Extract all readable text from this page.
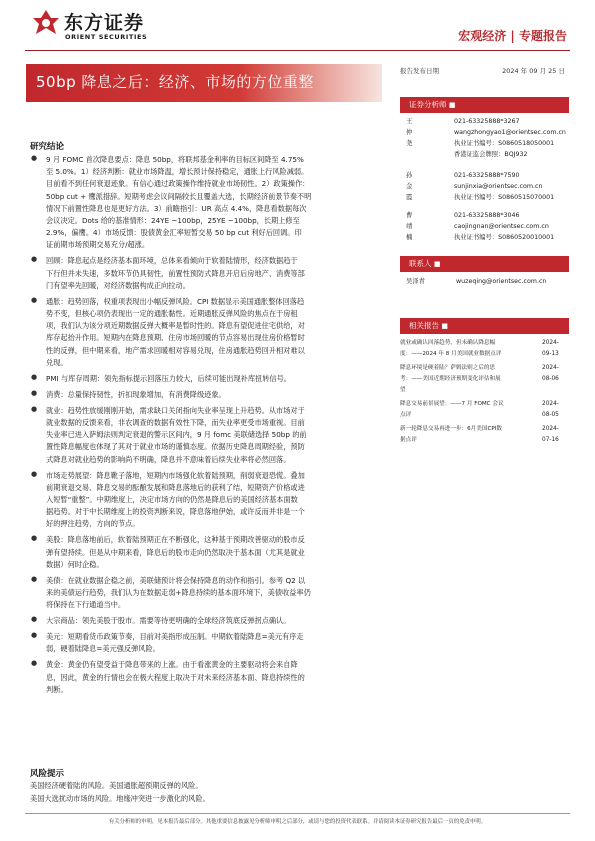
东方证券
ORIENT SECURITIES	宏观经济 | 专题报告
50bp 降息之后：经济、市场的方位重整
报告发布日期	2024 年 09 月 25 日
证券分析师 ■
王仲尧
021-63325888*3267
wangzhongyao1@orientsec.com.cn
执业证书编号：S0860518050001
香港证监会牌照：BQJ932
孙金霞
021-63325888*7590
sunjinxia@orientsec.com.cn
执业证书编号：S0860515070001
曹靖楠
021-63325888*3046
caojingnan@orientsec.com.cn
执业证书编号：S0860520010001
联系人 ■
吴泽青	wuzeqing@orientsec.com.cn
相关报告 ■
就业或确认回落趋势，但未确认降息幅
度：——2024 年 8 月美国就业数据点评
2024-09-13
降息环境是硬着陆？萨姆法则之后的思
考：——美国近期经济预期变化评估和展
望
2024-08-06
降息交易前景展望：——7 月 FOMC 会议
点评
2024-08-05
新一轮降息交易再进一步：6月美国CPI数
据点评
2024-07-16
研究结论
● 9 月 FOMC 首次降息要点：降息 50bp，将联邦基金利率的目标区间降至 4.75%
至 5.0%。1）经济判断：就业市场降温，增长预计保持稳定，通胀上行风险减弱。
目前看不到任何衰退迹象。有信心通过政策操作维持就业市场韧性。2）政策操作：
50bp cut + 鹰派措辞。短期考虑会议间隔较长且覆盖大选，长期经济前景节奏不明
情况下前置性降息也是更好方法。3）前瞻指引：UR 高点 4.4%，降息看数据每次
会议决定。Dots 给的基准情形：24YE ~100bp，25YE ~100bp，长期上修至
2.9%，偏鹰。4）市场反馈：股债黄金汇率短暂交易 50 bp cut 利好后回调。印
证前期市场预期交易充分/超涨。
● 回顾：降息起点是经济基本面环境，总体来看倾向于软着陆情形，经济数据趋于
下行但并未失速，多数环节仍具韧性，前置性预防式降息开启后房地产、消费等部
门有望率先回暖，对经济数据构成正向拉动。
● 通胀：趋势回落，权重项表现出小幅反弹风险。CPI 数据显示美国通胀整体回落趋
势不变，但核心项仍表现出一定的通胀黏性。近期通胀反弹风险的焦点在于房租
项，我们认为该分项近期数据反弹大概率是暂时性的。降息有望促进住宅供给，对
库存起抬升作用。短期内在降息预期、住房市场回暖的节点容易出现住房价格暂时
性的反弹，但中期来看，地产需求回暖相对容易兑现，住房通胀趋势回升相对难以
兑现。
● PMI 与库存周期：领先指标提示回落压力较大，后续可能出现补库扭转信号。
● 消费：总量保持韧性，折扣现象增加，有消费降级迹象。
● 就业：趋势性放缓刚刚开始，需求缺口关闭指向失业率呈现上升趋势。从市场对于
就业数据的反馈来看，非农调查的数据有效性下降，而失业率更受市场重视。目前
失业率已进入萨姆法则判定衰退的警示区间内，9 月 fomc 美联储选择 50bp 的前
置性降息幅度也体现了其对于就业市场的谨慎态度。依据历史降息周期经验，预防
式降息对就业趋势的影响尚不明确，降息并不意味着后续失业率将必然回落。
● 市场走势展望：降息靴子落地，短期内市场强化软着陆预期，削弱衰退恐慌。叠加
前期衰退交易、降息交易的酝酿发展和降息落地后的获利了结，短期资产价格或进
入短暂“重整”。中期维度上，决定市场方向的仍然是降息后的美国经济基本面数
据趋势。对于中长期维度上的投资判断来说，降息落地伊始，或许反而并非是一个
好的押注趋势、方向的节点。
● 美股：降息落地前后，软着陆预期正在不断强化，这种基于预期改善驱动的股市反
弹有望持续。但是从中期来看，降息后的股市走向仍然取决于基本面（尤其是就业
数据）何时企稳。
● 美债：在就业数据企稳之前，美联储预计将会保持降息的动作和指引。参考 Q2 以
来的美债运行趋势，我们认为在数据走弱+降息持续的基本面环境下，美债收益率仍
将保持在下行通道当中。
● 大宗商品：领先美股于股市。需要等待更明确的全球经济筑底反弹拐点确认。
● 美元：短期看货币政策节奏，目前对美指形成压制。中期软着陆降息=美元有序走
弱，硬着陆降息=美元强反弹风险。
● 黄金：黄金仍有望受益于降息带来的上涨。由于看涨黄金的主要驱动将会来自降
息，因此，黄金的行情也会在极大程度上取决于对未来经济基本面、降息持续性的
判断。
风险提示
美国经济硬着陆的风险。美国通胀超预期反弹的风险。
美国大选扰动市场的风险。地缘冲突进一步激化的风险。
有关分析师的申明，见本报告最后部分。其他重要信息披露见分析师申明之后部分，或请与您的投资代表联系。并请阅读本证券研究报告最后一页的免责申明。
